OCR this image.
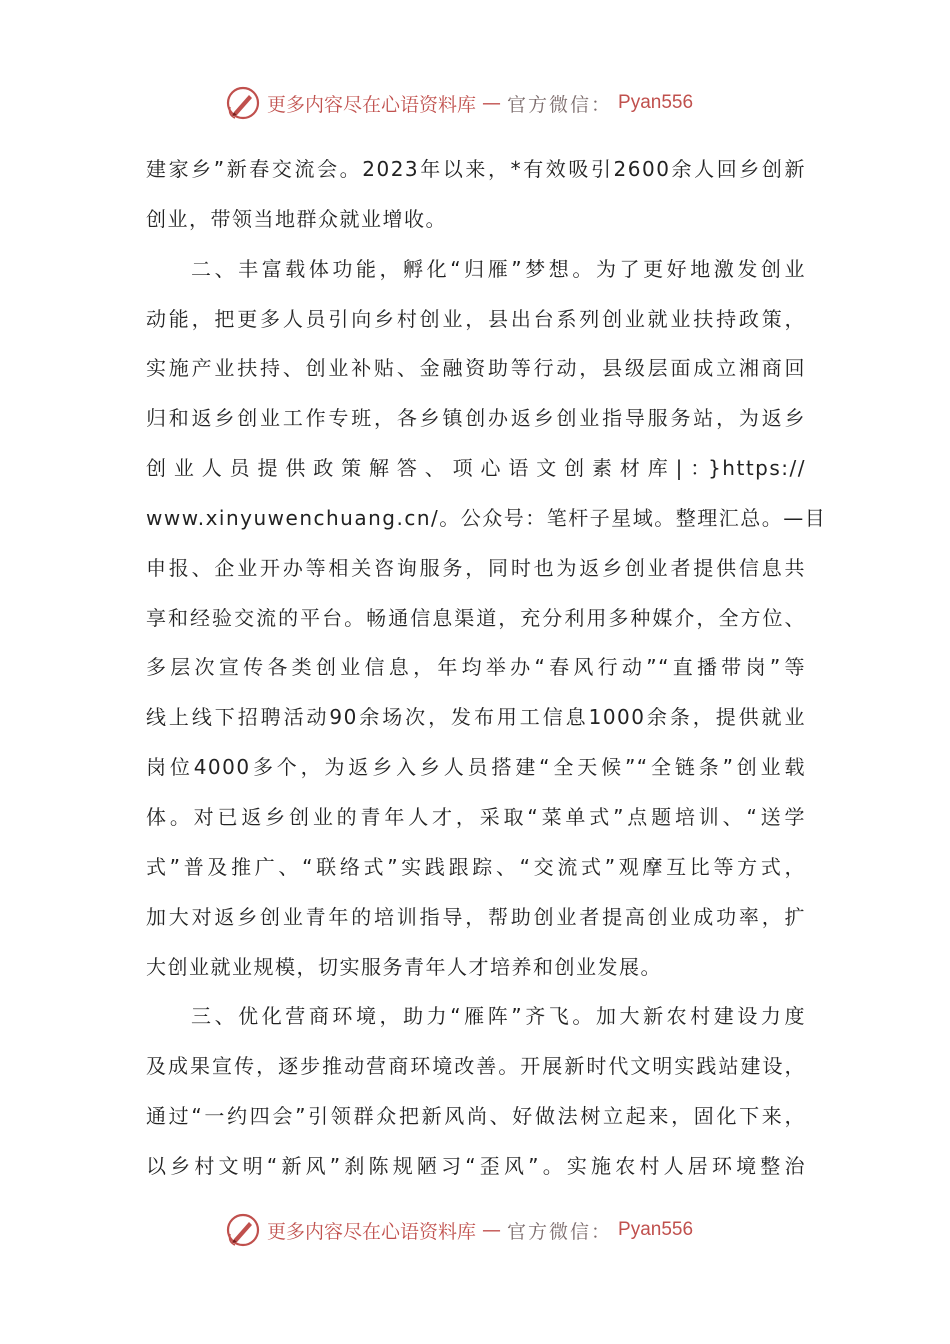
更多内容尽在心语资料库 — 官方微信： Pyan556
建家乡”新春交流会。2023年以来，*有效吸引2600余人回乡创新
创业，带领当地群众就业增收。
二、丰富载体功能，孵化“归雁”梦想。为了更好地激发创业
动能，把更多人员引向乡村创业，县出台系列创业就业扶持政策，
实施产业扶持、创业补贴、金融资助等行动，县级层面成立湘商回
归和返乡创业工作专班，各乡镇创办返乡创业指导服务站，为返乡
创业人员提供政策解答、项心语文创素材库|：}https://
www.xinyuwenchuang.cn/。公众号：笔杆子星域。整理汇总。—目
申报、企业开办等相关咨询服务，同时也为返乡创业者提供信息共
享和经验交流的平台。畅通信息渠道，充分利用多种媒介，全方位、
多层次宣传各类创业信息，年均举办“春风行动”“直播带岗”等
线上线下招聘活动90余场次，发布用工信息1000余条，提供就业
岗位4000多个，为返乡入乡人员搭建“全天候”“全链条”创业载
体。对已返乡创业的青年人才，采取“菜单式”点题培训、“送学
式”普及推广、“联络式”实践跟踪、“交流式”观摩互比等方式，
加大对返乡创业青年的培训指导，帮助创业者提高创业成功率，扩
大创业就业规模，切实服务青年人才培养和创业发展。
三、优化营商环境，助力“雁阵”齐飞。加大新农村建设力度
及成果宣传，逐步推动营商环境改善。开展新时代文明实践站建设，
通过“一约四会”引领群众把新风尚、好做法树立起来，固化下来，
以乡村文明“新风”刹陈规陋习“歪风”。实施农村人居环境整治
更多内容尽在心语资料库 — 官方微信： Pyan556
